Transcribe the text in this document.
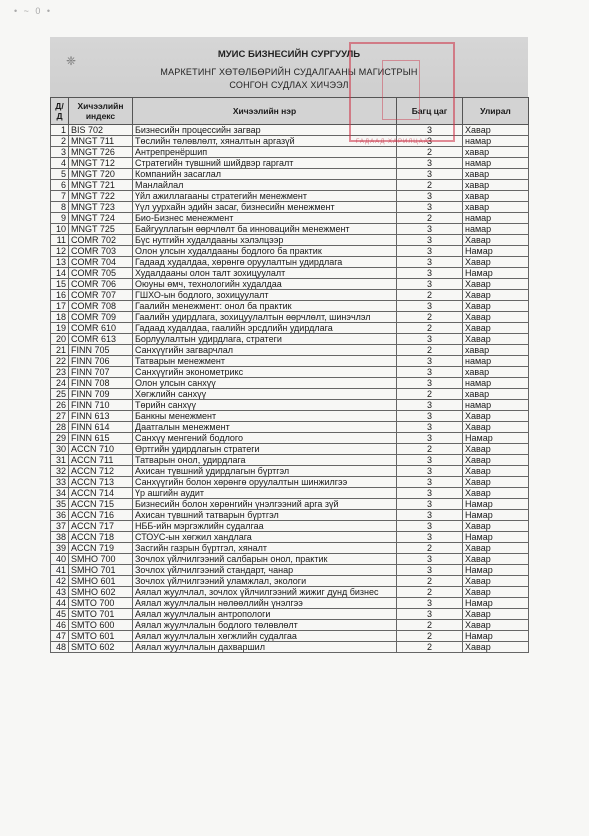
• ~ 0 •
❈	МУИС БИЗНЕСИЙН СУРГУУЛЬ
МАРКЕТИНГ ХӨТӨЛБӨРИЙН СУДАЛГААНЫ МАГИСТРЫН
СОНГОН СУДЛАХ ХИЧЭЭЛ
Д/Д	Хичээлийн индекс	Хичээлийн нэр	Багц цаг	Улирал
1	BIS 702	Бизнесийн процессийн загвар	3	Хавар
2	MNGT 711	Төслийн төлөвлөлт, хяналтын аргазүй	3	намар
3	MNGT 726	Антрепренёршип	2	хавар
4	MNGT 712	Стратегийн түвшний шийдвэр гаргалт	3	намар
5	MNGT 720	Компанийн засаглал	3	хавар
6	MNGT 721	Манлайлал	2	хавар
7	MNGT 722	Үйл ажиллагааны стратегийн менежмент	3	хавар
8	MNGT 723	Үүл уурхайн эдийн засаг, бизнесийн менежмент	3	хавар
9	MNGT 724	Био-Бизнес менежмент	2	намар
10	MNGT 725	Байгууллагын өөрчлөлт ба инновацийн менежмент	3	намар
11	COMR 702	Бүс нутгийн худалдааны хэлэлцээр	3	Хавар
12	COMR 703	Олон улсын худалдааны бодлого ба практик	3	Намар
13	COMR 704	Гадаад худалдаа, хөрөнгө оруулалтын удирдлага	3	Хавар
14	COMR 705	Худалдааны олон талт зохицуулалт	3	Намар
15	COMR 706	Оюуны өмч, технологийн худалдаа	3	Хавар
16	COMR 707	ГШХО-ын бодлого, зохицуулалт	2	Хавар
17	COMR 708	Гаалийн менежмент: онол ба практик	3	Хавар
18	COMR 709	Гаалийн удирдлага, зохицуулалтын өөрчлөлт, шинэчлэл	2	Хавар
19	COMR 610	Гадаад худалдаа, гаалийн эрсдлийн удирдлага	2	Хавар
20	COMR 613	Борлуулалтын удирдлага, стратеги	3	Хавар
21	FINN 705	Санхүүгийн загварчлал	2	хавар
22	FINN 706	Татварын менежмент	3	намар
23	FINN 707	Санхүүгийн эконометрикс	3	хавар
24	FINN 708	Олон улсын санхүү	3	намар
25	FINN 709	Хөгжлийн санхүү	2	хавар
26	FINN 710	Төрийн санхүү	3	намар
27	FINN 613	Банкны менежмент	3	Хавар
28	FINN 614	Даатгалын менежмент	3	Хавар
29	FINN 615	Санхүү менгений бодлого	3	Намар
30	ACCN 710	Өртгийн удирдлагын стратеги	2	Хавар
31	ACCN 711	Татварын онол, удирдлага	3	Хавар
32	ACCN 712	Ахисан түвшний удирдлагын бүртгэл	3	Хавар
33	ACCN 713	Санхүүгийн болон хөрөнгө оруулалтын шинжилгээ	3	Хавар
34	ACCN 714	Үр ашгийн аудит	3	Хавар
35	ACCN 715	Бизнесийн болон хөрөнгийн үнэлгээний арга зүй	3	Намар
36	ACCN 716	Ахисан түвшний татварын бүртгэл	3	Намар
37	ACCN 717	НББ-ийн мэргэжлийн судалгаа	3	Хавар
38	ACCN 718	СТОУС-ын хөгжил хандлага	3	Намар
39	ACCN 719	Засгийн газрын бүртгэл, хяналт	2	Хавар
40	SMHO 700	Зочлох үйлчилгээний салбарын онол, практик	3	Хавар
41	SMHO 701	Зочлох үйлчилгээний стандарт, чанар	3	Намар
42	SMHO 601	Зочлох үйлчилгээний уламжлал, экологи	2	Хавар
43	SMHO 602	Аялал жуулчлал, зочлох үйлчилгээний жижиг дунд бизнес	2	Хавар
44	SMTO 700	Аялал жуулчлалын нөлөөллийн үнэлгээ	3	Намар
45	SMTO 701	Аялал жуулчлалын антропологи	3	Хавар
46	SMTO 600	Аялал жуулчлалын бодлого төлөвлөлт	2	Хавар
47	SMTO 601	Аялал жуулчлалын хөгжлийн судалгаа	2	Намар
48	SMTO 602	Аялал жуулчлалын дахваршил	2	Хавар
ГАДААД ХАРИЛЦАА
